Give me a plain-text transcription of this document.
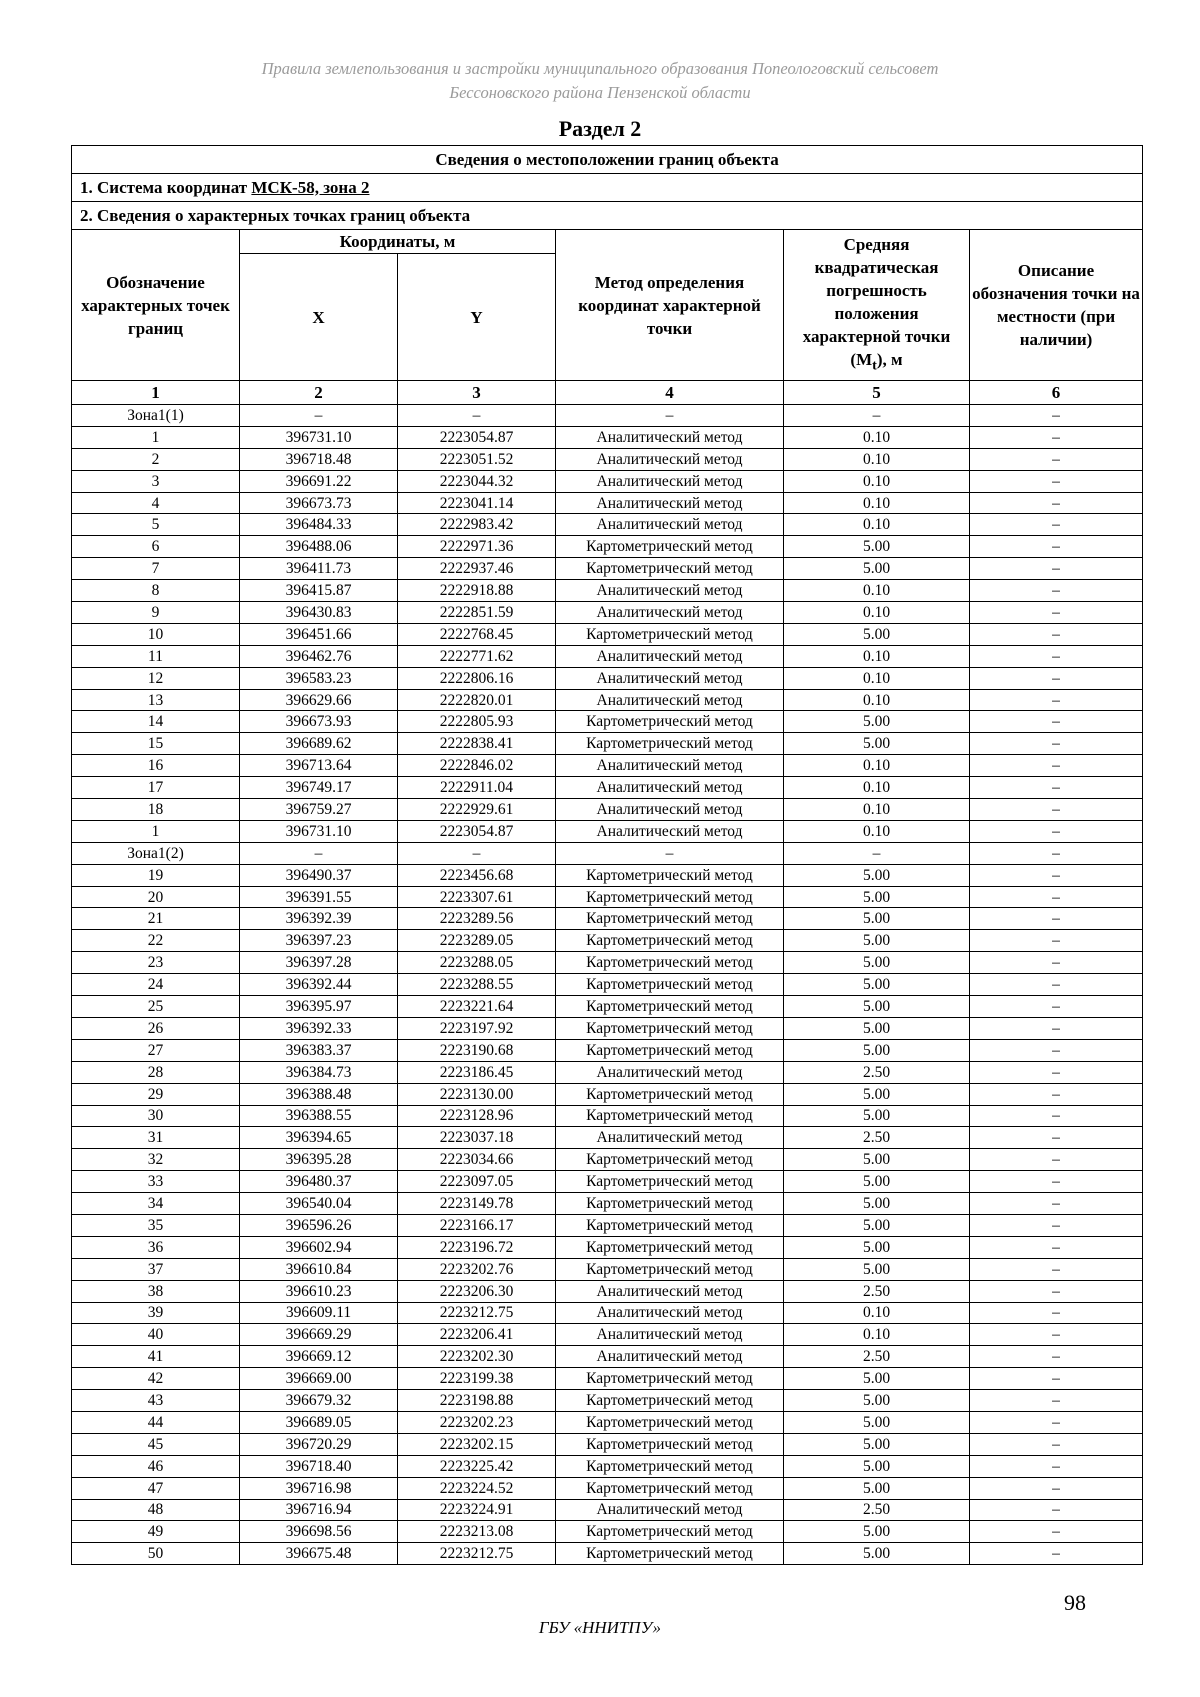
Правила землепользования и застройки муниципального образования Попеологовский сельсовет
Бессоновского района Пензенской области
Раздел 2
Сведения о местоположении границ объекта					
1. Система координат МСК-58, зона 2					
2. Сведения о характерных точках границ объекта					
Обозначение характерных точек границ	Координаты, м		Метод определения координат характерной точки	Средняя квадратическая погрешность положения характерной точки $(M_t)$, м	Описание обозначения точки на местности (при наличии)
	X	Y			
1	2	3	4	5	6
Зона1(1)	–	–	–	–	–
1	396731.10	2223054.87	Аналитический метод	0.10	–
2	396718.48	2223051.52	Аналитический метод	0.10	–
3	396691.22	2223044.32	Аналитический метод	0.10	–
4	396673.73	2223041.14	Аналитический метод	0.10	–
5	396484.33	2222983.42	Аналитический метод	0.10	–
6	396488.06	2222971.36	Картометрический метод	5.00	–
7	396411.73	2222937.46	Картометрический метод	5.00	–
8	396415.87	2222918.88	Аналитический метод	0.10	–
9	396430.83	2222851.59	Аналитический метод	0.10	–
10	396451.66	2222768.45	Картометрический метод	5.00	–
11	396462.76	2222771.62	Аналитический метод	0.10	–
12	396583.23	2222806.16	Аналитический метод	0.10	–
13	396629.66	2222820.01	Аналитический метод	0.10	–
14	396673.93	2222805.93	Картометрический метод	5.00	–
15	396689.62	2222838.41	Картометрический метод	5.00	–
16	396713.64	2222846.02	Аналитический метод	0.10	–
17	396749.17	2222911.04	Аналитический метод	0.10	–
18	396759.27	2222929.61	Аналитический метод	0.10	–
1	396731.10	2223054.87	Аналитический метод	0.10	–
Зона1(2)	–	–	–	–	–
19	396490.37	2223456.68	Картометрический метод	5.00	–
20	396391.55	2223307.61	Картометрический метод	5.00	–
21	396392.39	2223289.56	Картометрический метод	5.00	–
22	396397.23	2223289.05	Картометрический метод	5.00	–
23	396397.28	2223288.05	Картометрический метод	5.00	–
24	396392.44	2223288.55	Картометрический метод	5.00	–
25	396395.97	2223221.64	Картометрический метод	5.00	–
26	396392.33	2223197.92	Картометрический метод	5.00	–
27	396383.37	2223190.68	Картометрический метод	5.00	–
28	396384.73	2223186.45	Аналитический метод	2.50	–
29	396388.48	2223130.00	Картометрический метод	5.00	–
30	396388.55	2223128.96	Картометрический метод	5.00	–
31	396394.65	2223037.18	Аналитический метод	2.50	–
32	396395.28	2223034.66	Картометрический метод	5.00	–
33	396480.37	2223097.05	Картометрический метод	5.00	–
34	396540.04	2223149.78	Картометрический метод	5.00	–
35	396596.26	2223166.17	Картометрический метод	5.00	–
36	396602.94	2223196.72	Картометрический метод	5.00	–
37	396610.84	2223202.76	Картометрический метод	5.00	–
38	396610.23	2223206.30	Аналитический метод	2.50	–
39	396609.11	2223212.75	Аналитический метод	0.10	–
40	396669.29	2223206.41	Аналитический метод	0.10	–
41	396669.12	2223202.30	Аналитический метод	2.50	–
42	396669.00	2223199.38	Картометрический метод	5.00	–
43	396679.32	2223198.88	Картометрический метод	5.00	–
44	396689.05	2223202.23	Картометрический метод	5.00	–
45	396720.29	2223202.15	Картометрический метод	5.00	–
46	396718.40	2223225.42	Картометрический метод	5.00	–
47	396716.98	2223224.52	Картометрический метод	5.00	–
48	396716.94	2223224.91	Аналитический метод	2.50	–
49	396698.56	2223213.08	Картометрический метод	5.00	–
50	396675.48	2223212.75	Картометрический метод	5.00	–
98
ГБУ «ННИТПУ»
